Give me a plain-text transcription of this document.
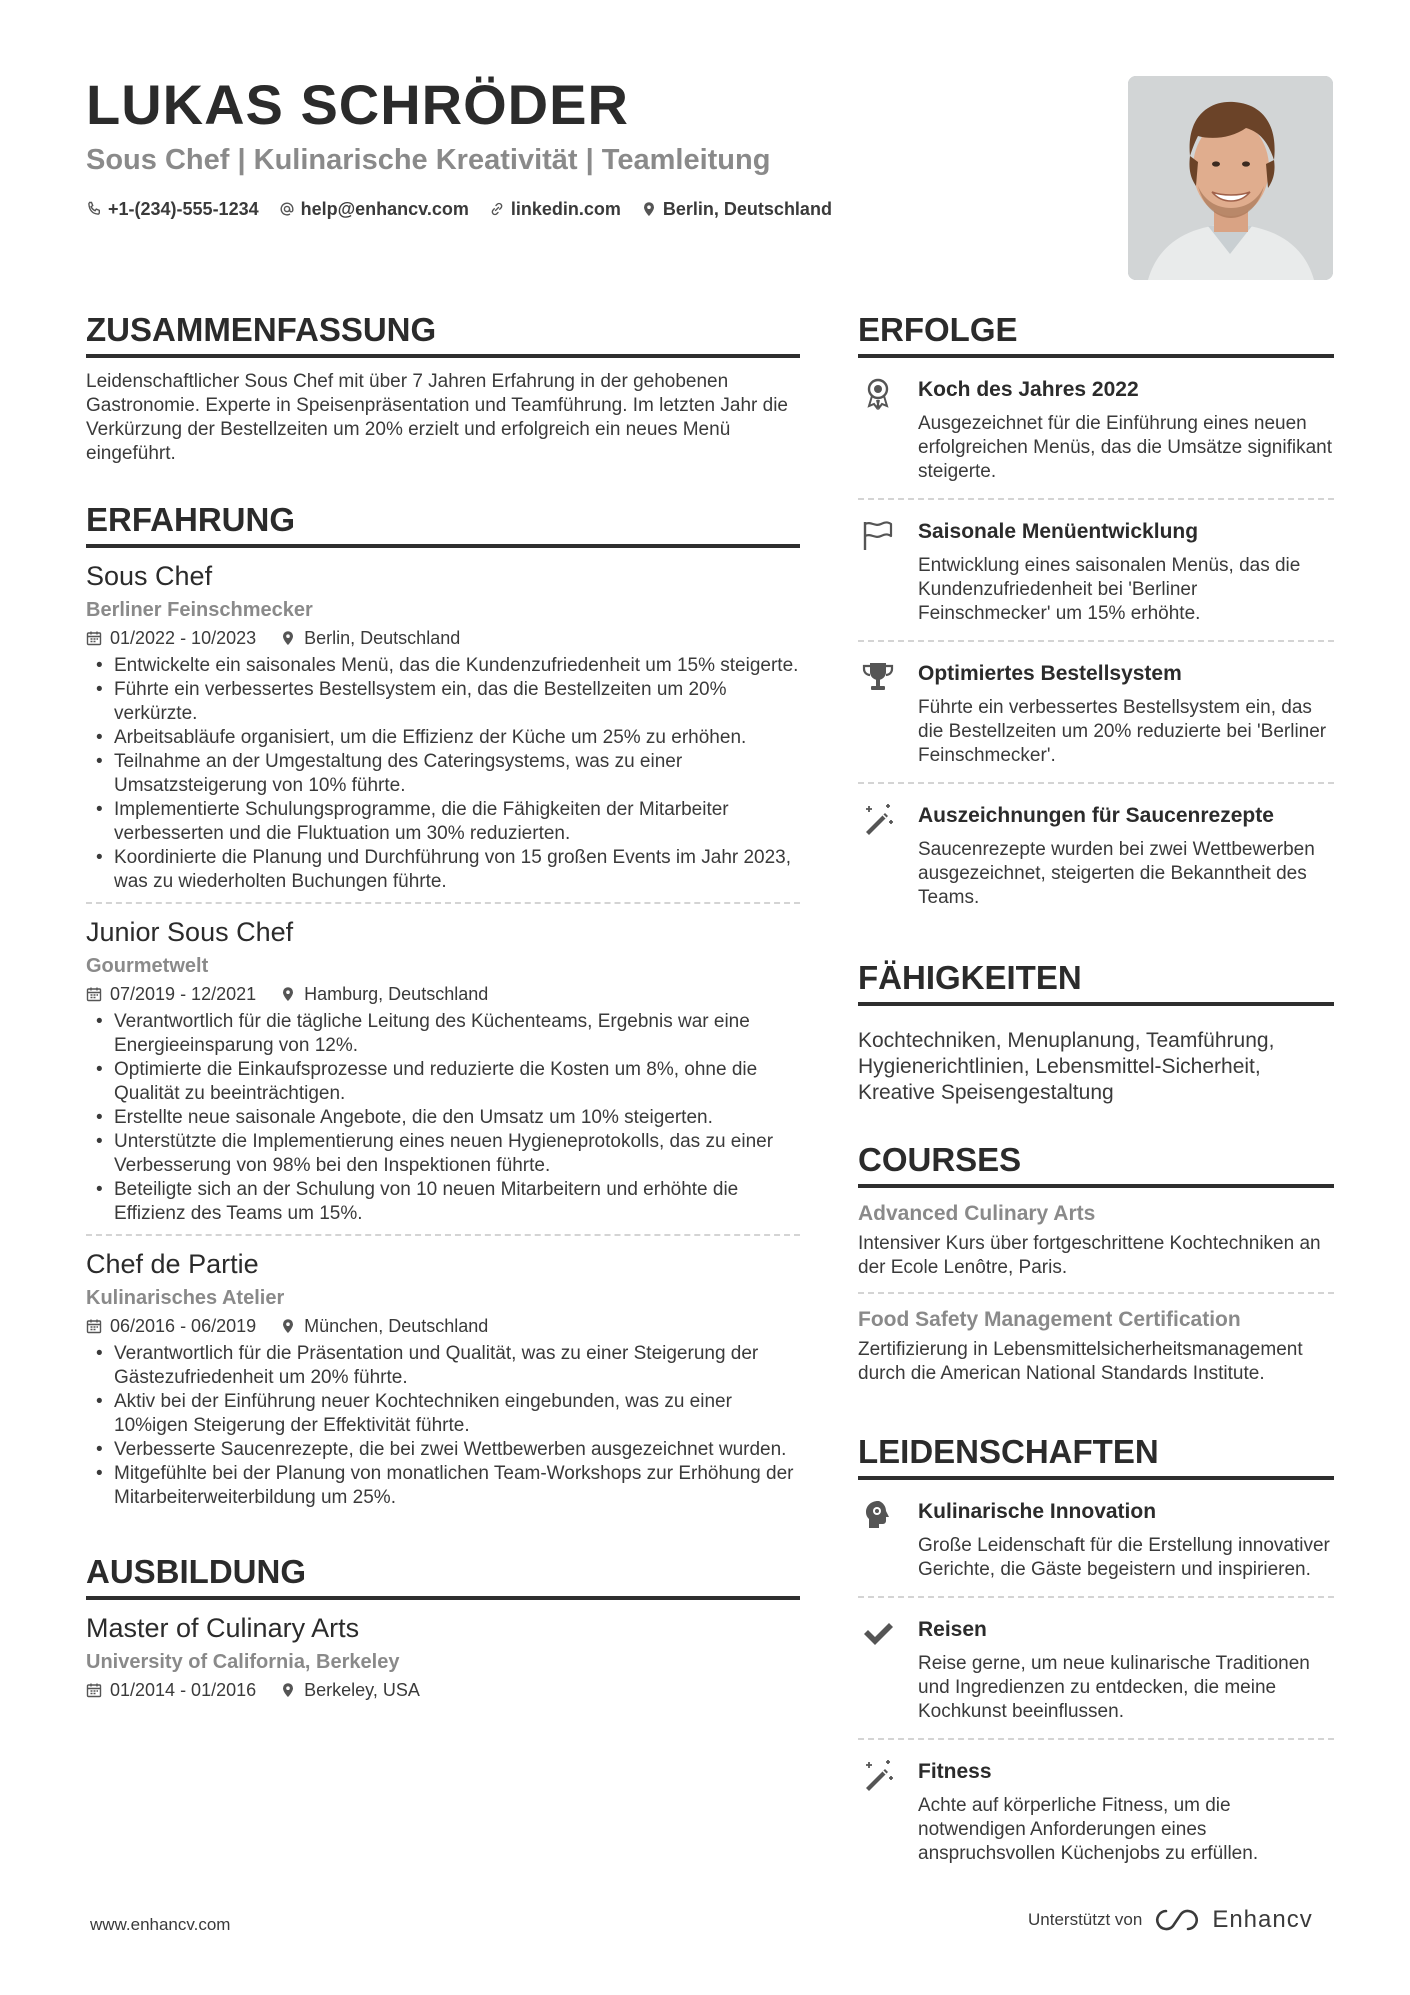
LUKAS SCHRÖDER
Sous Chef | Kulinarische Kreativität | Teamleitung
+1-(234)-555-1234 help@enhancv.com linkedin.com Berlin, Deutschland
ZUSAMMENFASSUNG
Leidenschaftlicher Sous Chef mit über 7 Jahren Erfahrung in der gehobenen Gastronomie. Experte in Speisenpräsentation und Teamführung. Im letzten Jahr die Verkürzung der Bestellzeiten um 20% erzielt und erfolgreich ein neues Menü eingeführt.
ERFAHRUNG
Sous Chef
Berliner Feinschmecker
01/2022 - 10/2023	Berlin, Deutschland
• Entwickelte ein saisonales Menü, das die Kundenzufriedenheit um 15% steigerte.
• Führte ein verbessertes Bestellsystem ein, das die Bestellzeiten um 20% verkürzte.
• Arbeitsabläufe organisiert, um die Effizienz der Küche um 25% zu erhöhen.
• Teilnahme an der Umgestaltung des Cateringsystems, was zu einer Umsatzsteigerung von 10% führte.
• Implementierte Schulungsprogramme, die die Fähigkeiten der Mitarbeiter verbesserten und die Fluktuation um 30% reduzierten.
• Koordinierte die Planung und Durchführung von 15 großen Events im Jahr 2023, was zu wiederholten Buchungen führte.
Junior Sous Chef
Gourmetwelt
07/2019 - 12/2021	Hamburg, Deutschland
• Verantwortlich für die tägliche Leitung des Küchenteams, Ergebnis war eine Energieeinsparung von 12%.
• Optimierte die Einkaufsprozesse und reduzierte die Kosten um 8%, ohne die Qualität zu beeinträchtigen.
• Erstellte neue saisonale Angebote, die den Umsatz um 10% steigerten.
• Unterstützte die Implementierung eines neuen Hygieneprotokolls, das zu einer Verbesserung von 98% bei den Inspektionen führte.
• Beteiligte sich an der Schulung von 10 neuen Mitarbeitern und erhöhte die Effizienz des Teams um 15%.
Chef de Partie
Kulinarisches Atelier
06/2016 - 06/2019	München, Deutschland
• Verantwortlich für die Präsentation und Qualität, was zu einer Steigerung der Gästezufriedenheit um 20% führte.
• Aktiv bei der Einführung neuer Kochtechniken eingebunden, was zu einer 10%igen Steigerung der Effektivität führte.
• Verbesserte Saucenrezepte, die bei zwei Wettbewerben ausgezeichnet wurden.
• Mitgefühlte bei der Planung von monatlichen Team-Workshops zur Erhöhung der Mitarbeiterweiterbildung um 25%.
AUSBILDUNG
Master of Culinary Arts
University of California, Berkeley
01/2014 - 01/2016	Berkeley, USA
ERFOLGE
Koch des Jahres 2022
Ausgezeichnet für die Einführung eines neuen erfolgreichen Menüs, das die Umsätze signifikant steigerte.
Saisonale Menüentwicklung
Entwicklung eines saisonalen Menüs, das die Kundenzufriedenheit bei 'Berliner Feinschmecker' um 15% erhöhte.
Optimiertes Bestellsystem
Führte ein verbessertes Bestellsystem ein, das die Bestellzeiten um 20% reduzierte bei 'Berliner Feinschmecker'.
Auszeichnungen für Saucenrezepte
Saucenrezepte wurden bei zwei Wettbewerben ausgezeichnet, steigerten die Bekanntheit des Teams.
FÄHIGKEITEN
Kochtechniken, Menuplanung, Teamführung, Hygienerichtlinien, Lebensmittel-Sicherheit, Kreative Speisengestaltung
COURSES
Advanced Culinary Arts
Intensiver Kurs über fortgeschrittene Kochtechniken an der Ecole Lenôtre, Paris.
Food Safety Management Certification
Zertifizierung in Lebensmittelsicherheitsmanagement durch die American National Standards Institute.
LEIDENSCHAFTEN
Kulinarische Innovation
Große Leidenschaft für die Erstellung innovativer Gerichte, die Gäste begeistern und inspirieren.
Reisen
Reise gerne, um neue kulinarische Traditionen und Ingredienzen zu entdecken, die meine Kochkunst beeinflussen.
Fitness
Achte auf körperliche Fitness, um die notwendigen Anforderungen eines anspruchsvollen Küchenjobs zu erfüllen.
www.enhancv.com	Unterstützt von	Enhancv
